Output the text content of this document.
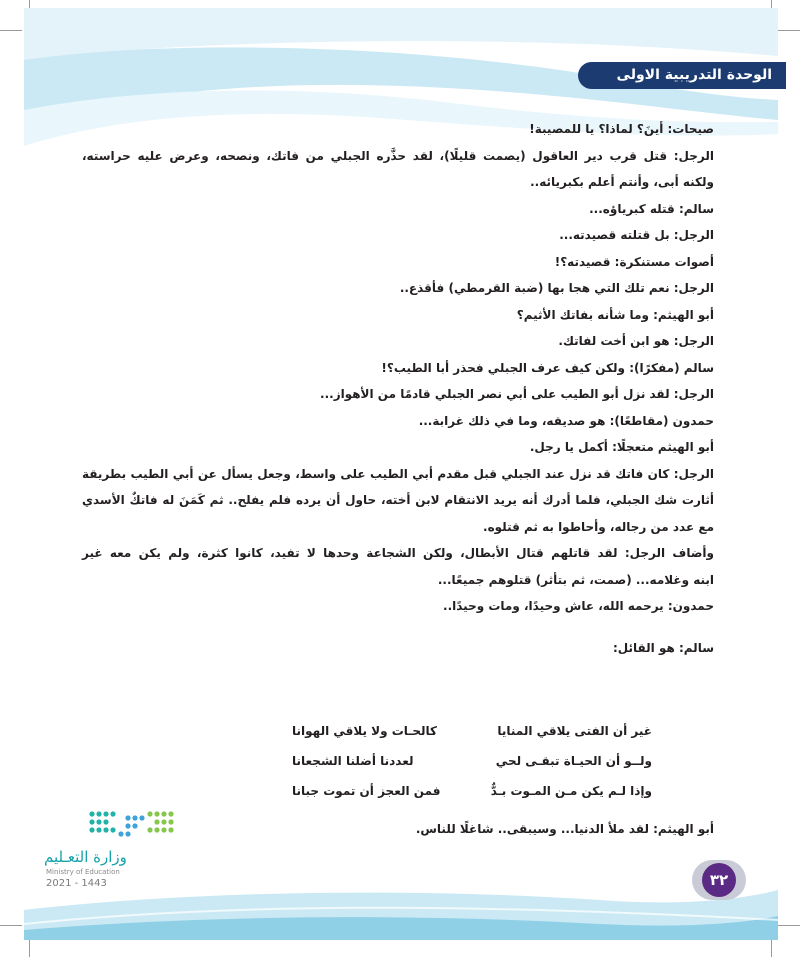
الوحدة التدريبية الاولى

صيحات: أينَ؟ لماذا؟ يا للمصيبة!

الرجل: قتل قرب دير العاقول (يصمت قليلًا)، لقد حذَّره الجبلي من فاتك، ونصحه، وعرض عليه حراسته،

ولكنه أبى، وأنتم أعلم بكبريائه..

سالم: قتله كبرياؤه...

الرجل: بل قتلته قصيدته...

أصوات مستنكرة: قصيدته؟!

الرجل: نعم تلك التي هجا بها (ضبة القرمطي) فأقذع..

أبو الهيثم: وما شأنه بفاتك الأثيم؟

الرجل: هو ابن أخت لفاتك.

سالم (مفكرًا): ولكن كيف عرف الجبلي فحذر أبا الطيب؟!

الرجل: لقد نزل أبو الطيب على أبي نصر الجبلي قادمًا من الأهواز...

حمدون (مقاطعًا): هو صديقه، وما في ذلك غرابة...

أبو الهيثم متعجلًا: أكمل يا رجل.

الرجل: كان فاتك قد نزل عند الجبلي قبل مقدم أبي الطيب على واسط، وجعل يسأل عن أبي الطيب بطريقة

أثارت شك الجبلي، فلما أدرك أنه يريد الانتقام لابن أخته، حاول أن يرده فلم يفلح.. ثم كَمَنَ له فاتكٌ الأسدي

مع عدد من رجاله، وأحاطوا به ثم قتلوه.

وأضاف الرجل: لقد قاتلهم قتال الأبطال، ولكن الشجاعة وحدها لا تفيد، كانوا كثرة، ولم يكن معه غير

ابنه وغلامه... (صمت، ثم بتأثر) قتلوهم جميعًا...

حمدون: يرحمه الله، عاش وحيدًا، ومات وحيدًا..

سالم: هو القائل:

غير أن الفتى يلاقي المنايا
كالحـات ولا يلاقي الهوانا
ولــو أن الحيـاة تبقـى لحي
لعددنا أضلنا الشجعانا
وإذا لـم يكن مـن المـوت بـدٌّ
فمن العجز أن تموت جبانا
أبو الهيثم: لقد ملأ الدنيا... وسيبقى.. شاغلًا للناس.
وزارة التعـليم
Ministry of Education
2021 - 1443	٣٢
